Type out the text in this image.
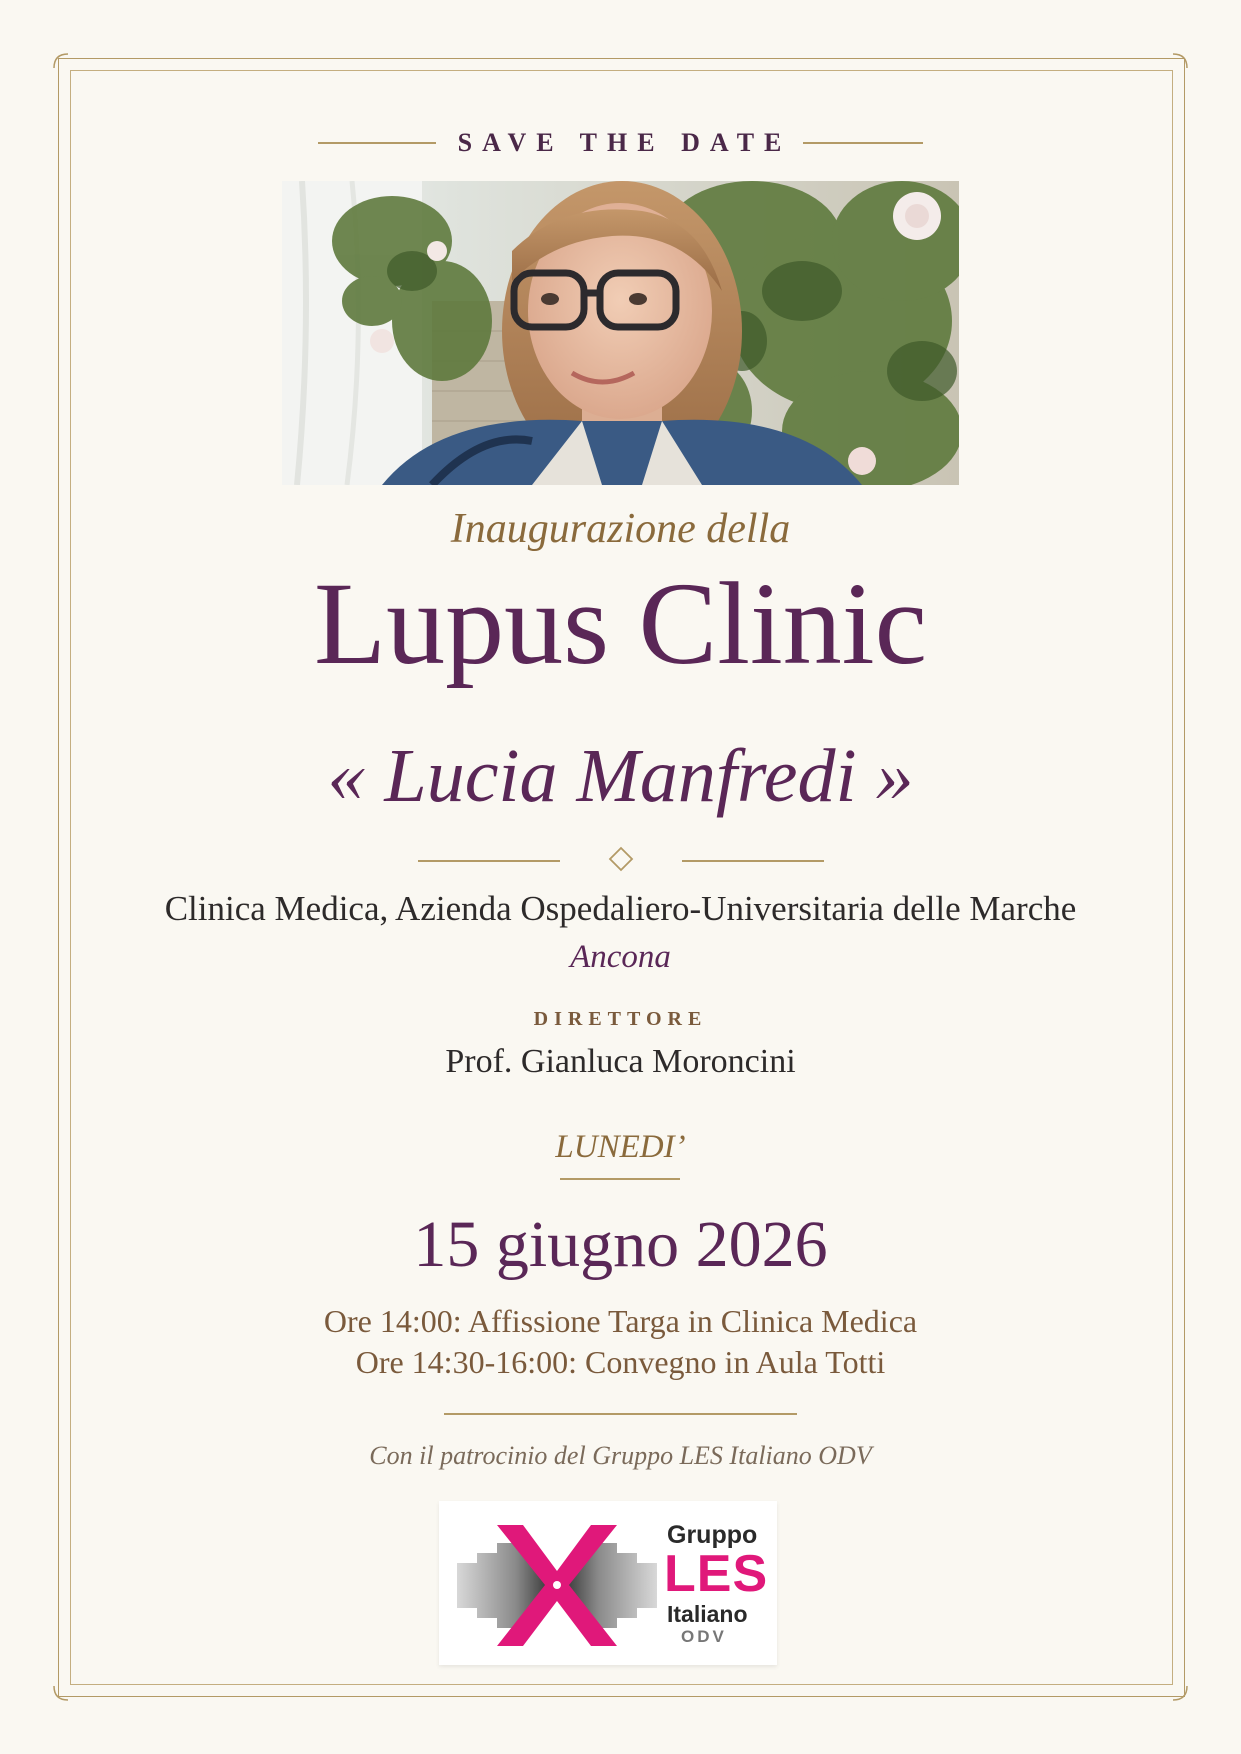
SAVE THE DATE
Inaugurazione della
Lupus Clinic
« Lucia Manfredi »
Clinica Medica, Azienda Ospedaliero-Universitaria delle Marche
Ancona
DIRETTORE
Prof. Gianluca Moroncini
LUNEDI’
15 giugno 2026
Ore 14:00: Affissione Targa in Clinica Medica
Ore 14:30-16:00: Convegno in Aula Totti
Con il patrocinio del Gruppo LES Italiano ODV
Gruppo
LES
Italiano
ODV
